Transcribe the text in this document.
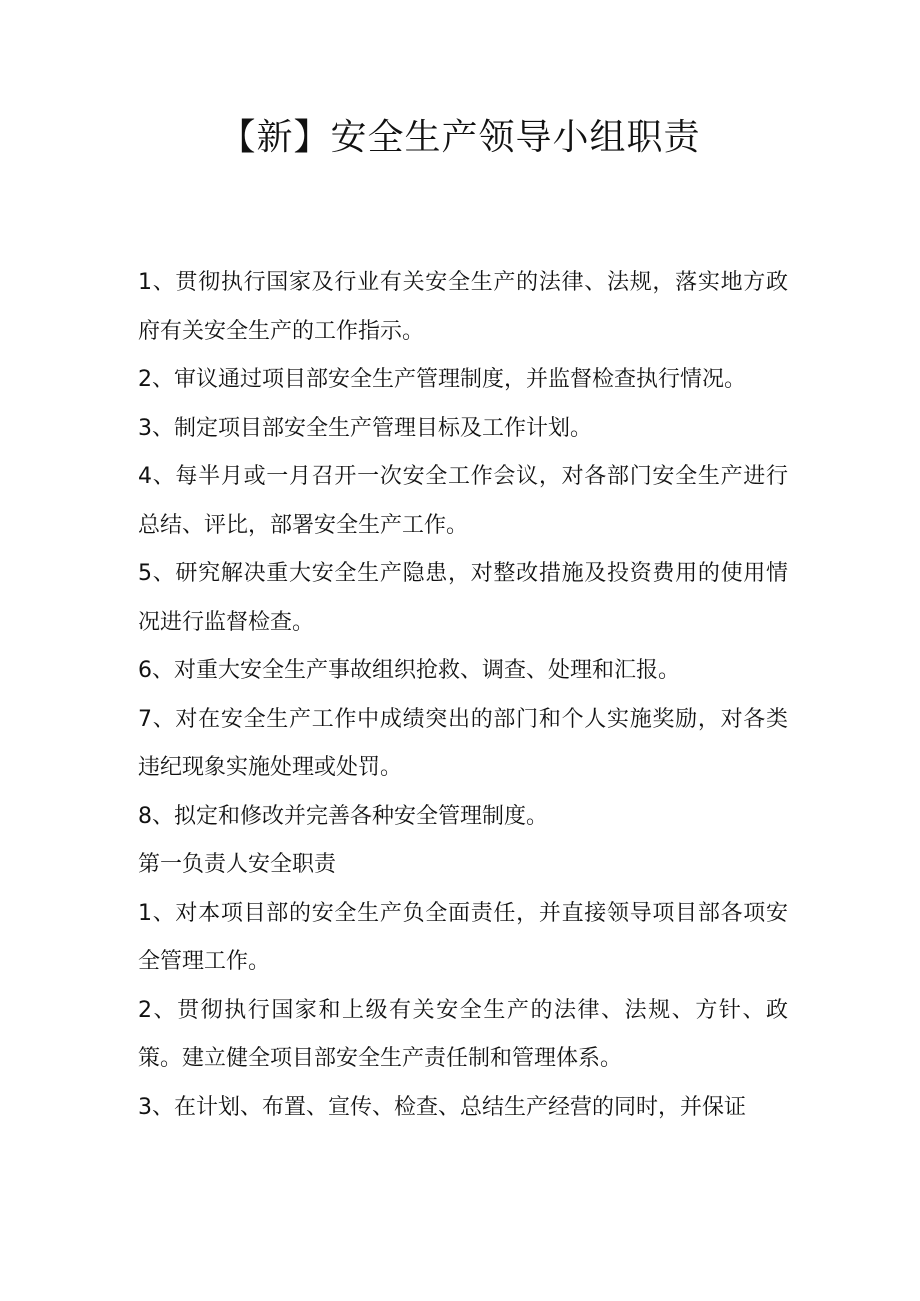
【新】安全生产领导小组职责

1、贯彻执行国家及行业有关安全生产的法律、法规，落实地方政府有关安全生产的工作指示。

2、审议通过项目部安全生产管理制度，并监督检查执行情况。

3、制定项目部安全生产管理目标及工作计划。

4、每半月或一月召开一次安全工作会议，对各部门安全生产进行总结、评比，部署安全生产工作。

5、研究解决重大安全生产隐患，对整改措施及投资费用的使用情况进行监督检查。

6、对重大安全生产事故组织抢救、调查、处理和汇报。

7、对在安全生产工作中成绩突出的部门和个人实施奖励，对各类违纪现象实施处理或处罚。

8、拟定和修改并完善各种安全管理制度。

第一负责人安全职责

1、对本项目部的安全生产负全面责任，并直接领导项目部各项安全管理工作。

2、贯彻执行国家和上级有关安全生产的法律、法规、方针、政策。建立健全项目部安全生产责任制和管理体系。

3、在计划、布置、宣传、检查、总结生产经营的同时，并保证
